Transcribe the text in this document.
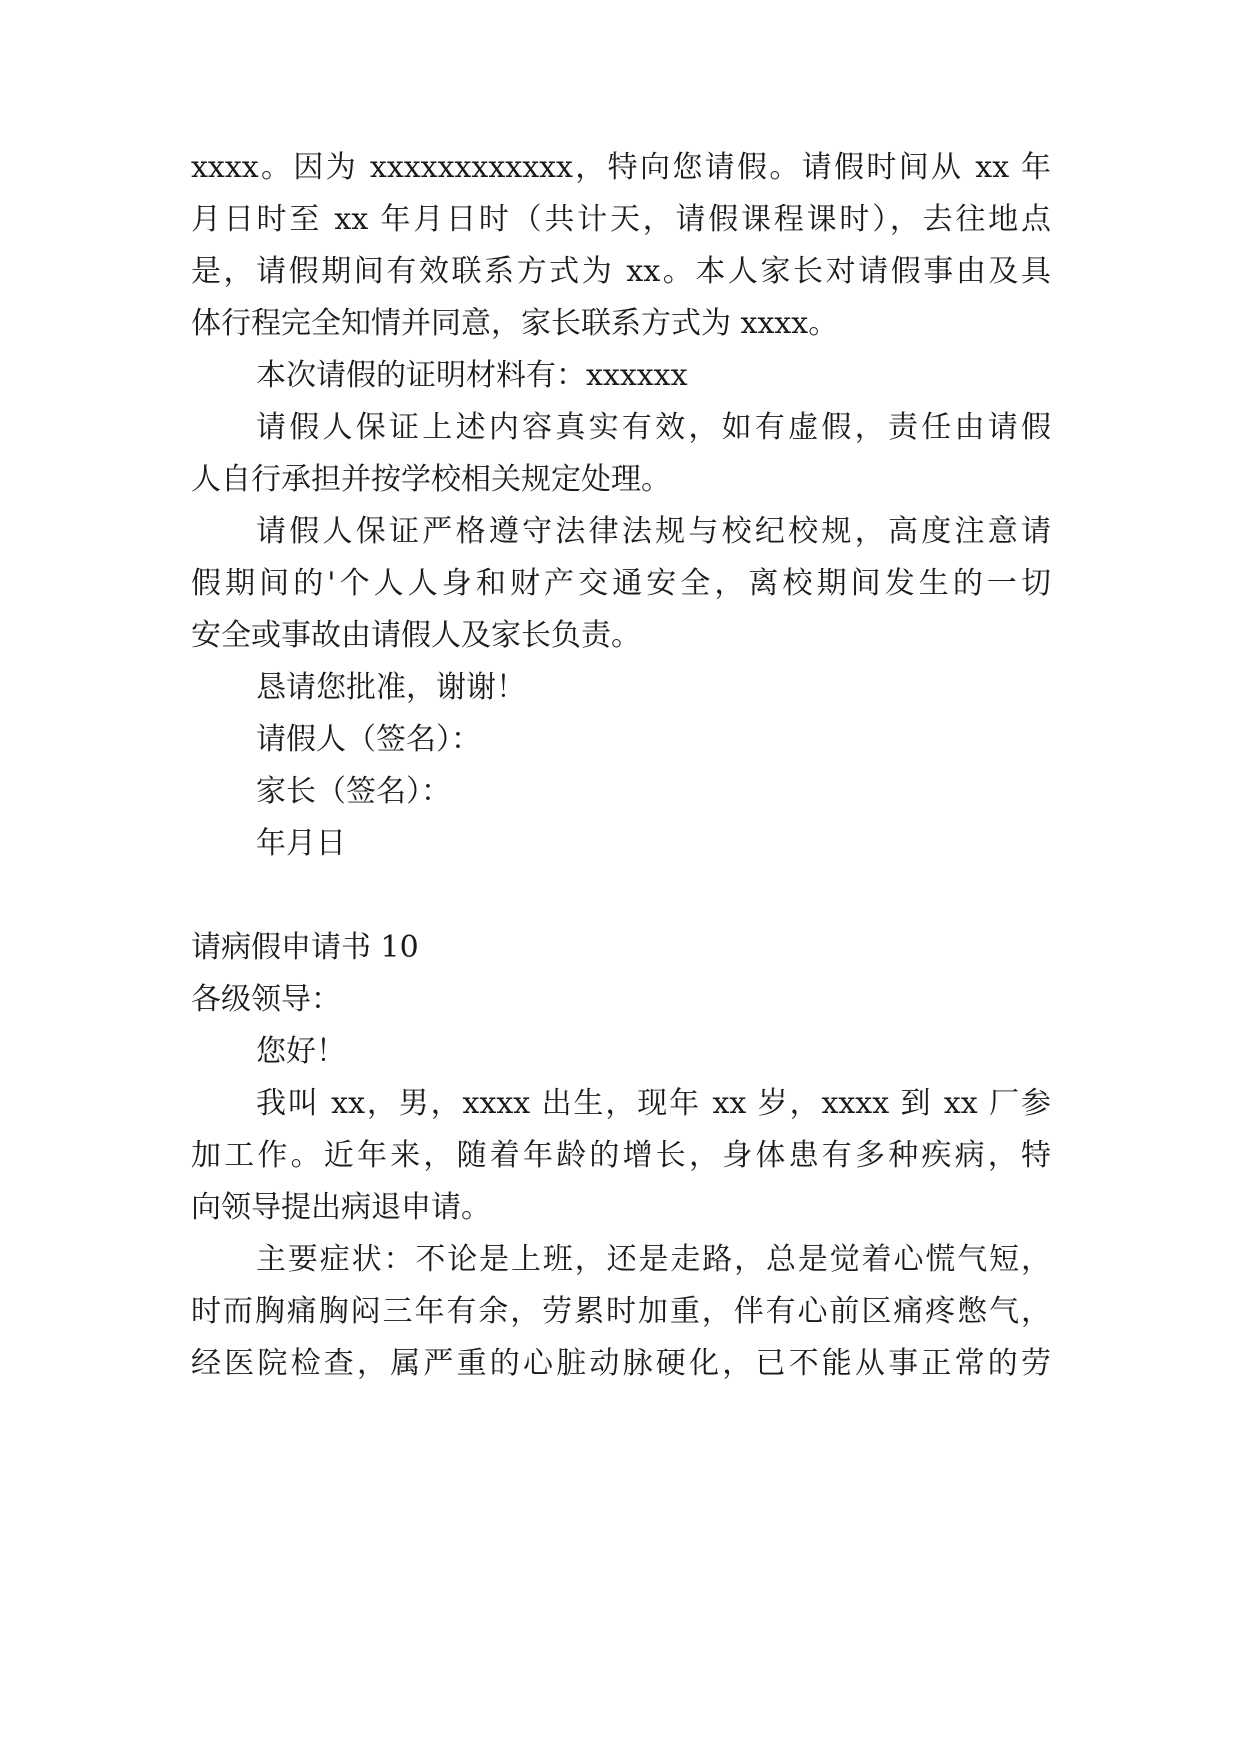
xxxx。因为 xxxxxxxxxxxx，特向您请假。请假时间从 xx 年
月日时至 xx 年月日时（共计天，请假课程课时），去往地点
是，请假期间有效联系方式为 xx。本人家长对请假事由及具
体行程完全知情并同意，家长联系方式为 xxxx。
本次请假的证明材料有：xxxxxx
请假人保证上述内容真实有效，如有虚假，责任由请假
人自行承担并按学校相关规定处理。
请假人保证严格遵守法律法规与校纪校规，高度注意请
假期间的'个人人身和财产交通安全，离校期间发生的一切
安全或事故由请假人及家长负责。
恳请您批准，谢谢！
请假人（签名）：
家长（签名）：
年月日
请病假申请书 10
各级领导：
您好！
我叫 xx，男，xxxx 出生，现年 xx 岁，xxxx 到 xx 厂参
加工作。近年来，随着年龄的增长，身体患有多种疾病，特
向领导提出病退申请。
主要症状：不论是上班，还是走路，总是觉着心慌气短，
时而胸痛胸闷三年有余，劳累时加重，伴有心前区痛疼憋气，
经医院检查，属严重的心脏动脉硬化，已不能从事正常的劳
